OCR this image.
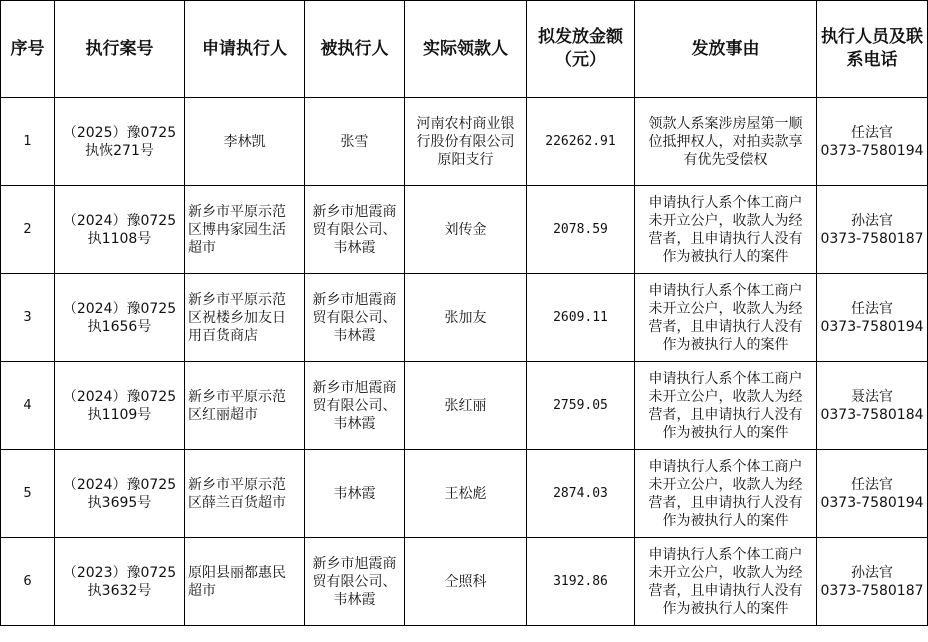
序号	执行案号	申请执行人	被执行人	实际领款人	拟发放金额（元）	发放事由	执行人员及联系电话

1	（2025）豫0725
执恢271号	李林凯	张雪	河南农村商业银
行股份有限公司
原阳支行	226262.91	领款人系案涉房屋第一顺
位抵押权人，对拍卖款享
有优先受偿权	任法官
0373-7580194

2	（2024）豫0725
执1108号	新乡市平原示范
区博冉家园生活
超市	新乡市旭霞商
贸有限公司、
韦林霞	刘传金	2078.59	申请执行人系个体工商户
未开立公户，收款人为经
营者，且申请执行人没有
作为被执行人的案件	孙法官
0373-7580187

3	（2024）豫0725
执1656号	新乡市平原示范
区祝楼乡加友日
用百货商店	新乡市旭霞商
贸有限公司、
韦林霞	张加友	2609.11	申请执行人系个体工商户
未开立公户，收款人为经
营者，且申请执行人没有
作为被执行人的案件	任法官
0373-7580194

4	（2024）豫0725
执1109号	新乡市平原示范
区红丽超市	新乡市旭霞商
贸有限公司、
韦林霞	张红丽	2759.05	申请执行人系个体工商户
未开立公户，收款人为经
营者，且申请执行人没有
作为被执行人的案件	聂法官
0373-7580184

5	（2024）豫0725
执3695号	新乡市平原示范
区薛兰百货超市	韦林霞	王松彪	2874.03	申请执行人系个体工商户
未开立公户，收款人为经
营者，且申请执行人没有
作为被执行人的案件	任法官
0373-7580194

6	（2023）豫0725
执3632号	原阳县丽都惠民
超市	新乡市旭霞商
贸有限公司、
韦林霞	仝照科	3192.86	申请执行人系个体工商户
未开立公户，收款人为经
营者，且申请执行人没有
作为被执行人的案件	孙法官
0373-7580187
